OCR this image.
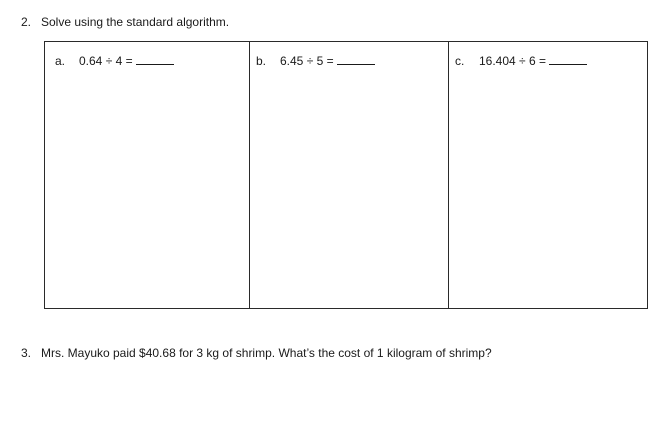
2. Solve using the standard algorithm.
a. 0.64 ÷ 4 =	b. 6.45 ÷ 5 =	c. 16.404 ÷ 6 =
3. Mrs. Mayuko paid $40.68 for 3 kg of shrimp. What’s the cost of 1 kilogram of shrimp?
